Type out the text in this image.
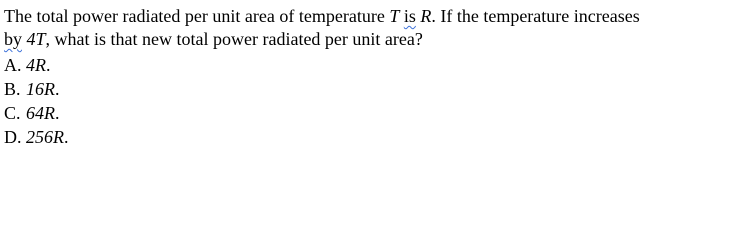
The total power radiated per unit area of temperature T is R. If the temperature increases
by 4T, what is that new total power radiated per unit area?
A. 4R.
B. 16R.
C. 64R.
D. 256R.
